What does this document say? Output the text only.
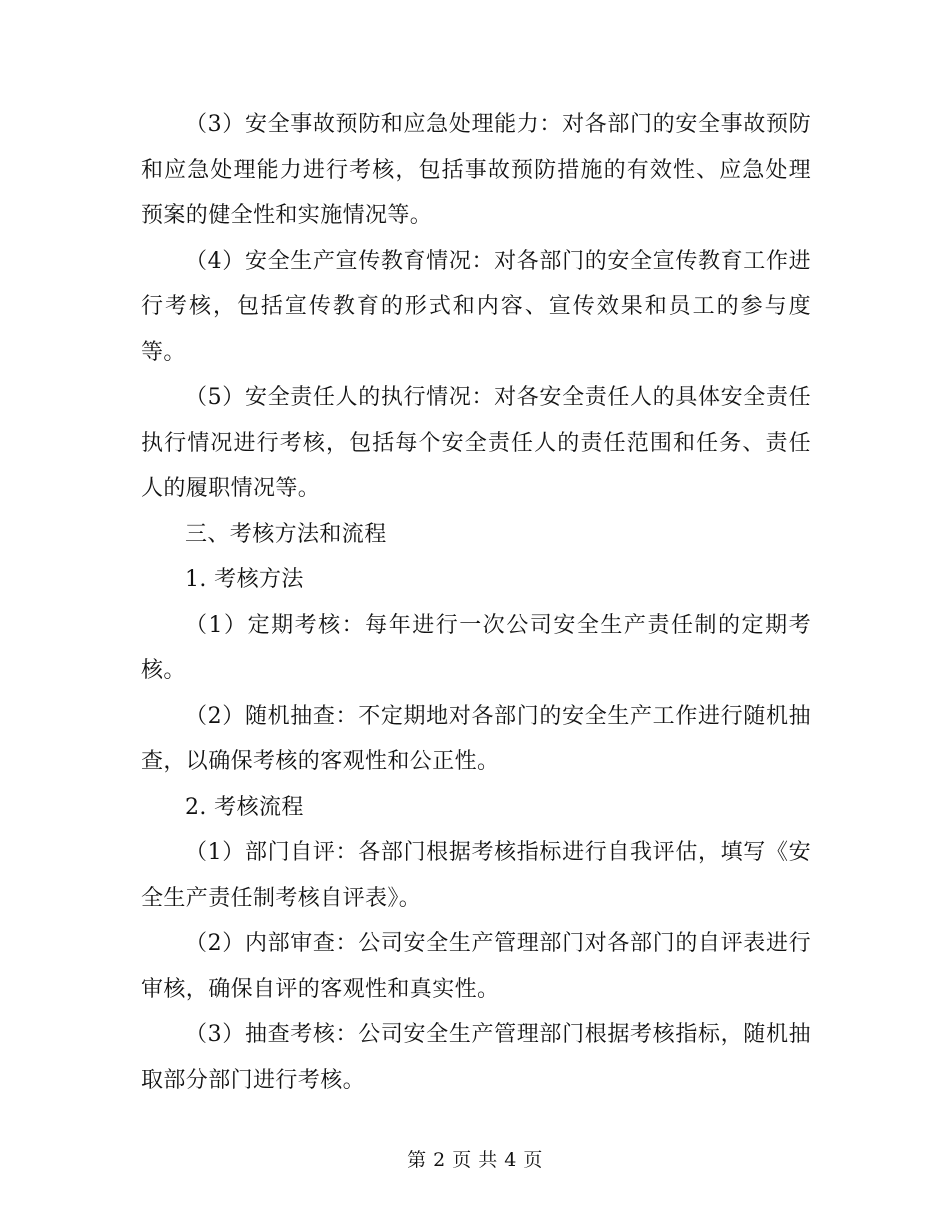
（3）安全事故预防和应急处理能力：对各部门的安全事故预防和应急处理能力进行考核，包括事故预防措施的有效性、应急处理预案的健全性和实施情况等。

（4）安全生产宣传教育情况：对各部门的安全宣传教育工作进行考核，包括宣传教育的形式和内容、宣传效果和员工的参与度等。

（5）安全责任人的执行情况：对各安全责任人的具体安全责任执行情况进行考核，包括每个安全责任人的责任范围和任务、责任人的履职情况等。

三、考核方法和流程

1. 考核方法

（1）定期考核：每年进行一次公司安全生产责任制的定期考核。

（2）随机抽查：不定期地对各部门的安全生产工作进行随机抽查，以确保考核的客观性和公正性。

2. 考核流程

（1）部门自评：各部门根据考核指标进行自我评估，填写《安全生产责任制考核自评表》。

（2）内部审查：公司安全生产管理部门对各部门的自评表进行审核，确保自评的客观性和真实性。

（3）抽查考核：公司安全生产管理部门根据考核指标，随机抽取部分部门进行考核。

第 2 页 共 4 页
